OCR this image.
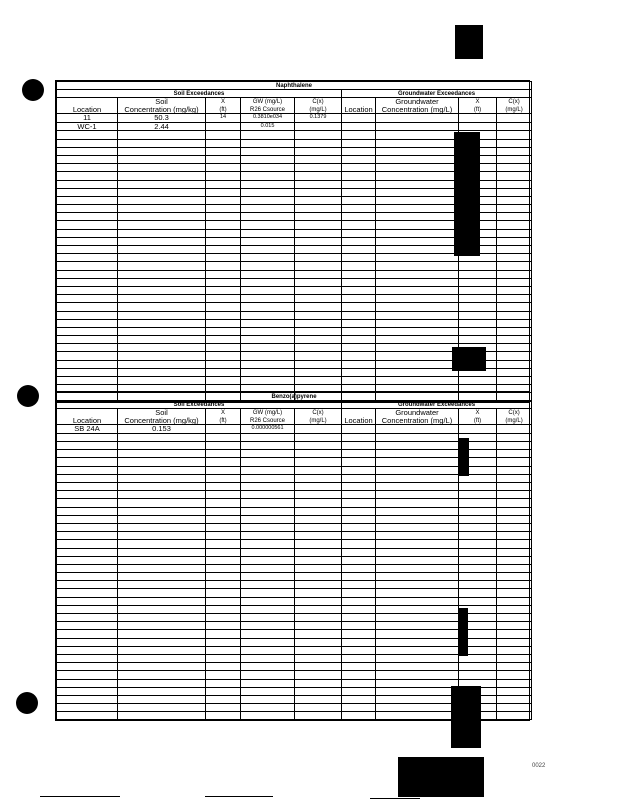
Naphthalene								
Soil Exceedances					Groundwater Exceedances			
Location	Soil	X	GW (mg/L)	C(x)	Location	Groundwater	X	C(x)
	Concentration (mg/kg)	(ft)	R26 Csource	(mg/L)		Concentration (mg/L)	(ft)	(mg/L)
11	50.3	14	0.3810e034	0.1379				
WC-1	2.44		0.015					

Benzo(a)pyrene								
Soil Exceedances					Groundwater Exceedances			
Location	Soil	X	GW (mg/L)	C(x)	Location	Groundwater	X	C(x)
	Concentration (mg/kg)	(ft)	R26 Csource	(mg/L)		Concentration (mg/L)	(ft)	(mg/L)
SB 24A	0.153		0.000000561					

0022
